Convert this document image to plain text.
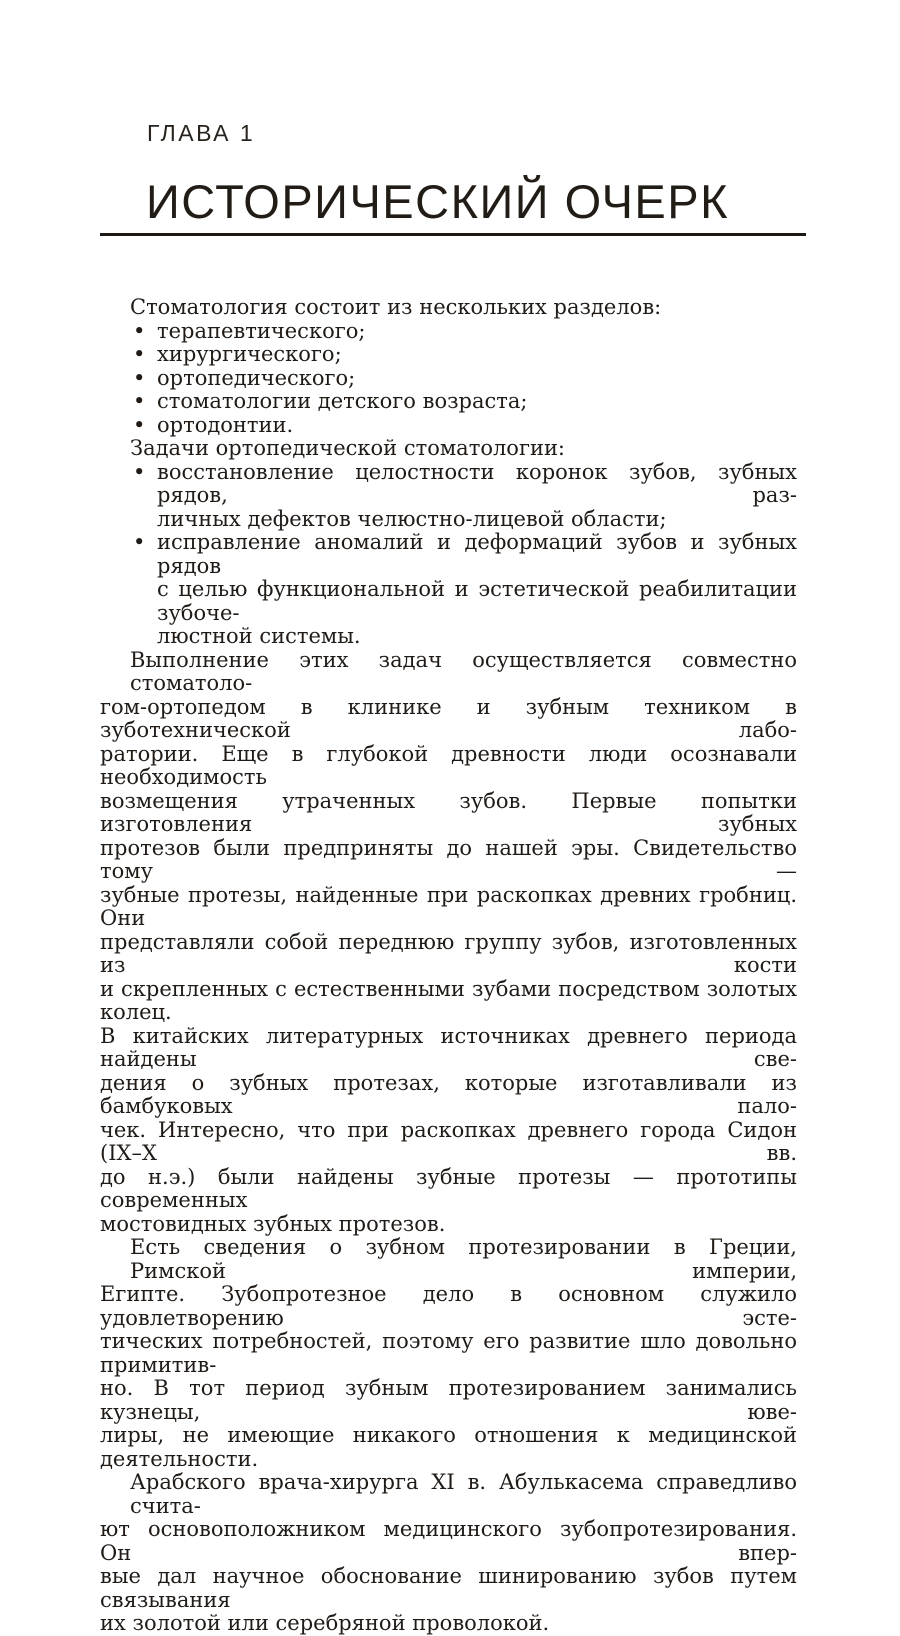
ГЛАВА 1
ИСТОРИЧЕСКИЙ ОЧЕРК

Стоматология состоит из нескольких разделов:

• терапевтического;
• хирургического;
• ортопедического;
• стоматологии детского возраста;
• ортодонтии.

Задачи ортопедической стоматологии:

• восстановление целостности коронок зубов, зубных рядов, раз-
личных дефектов челюстно-лицевой области;
• исправление аномалий и деформаций зубов и зубных рядов
с целью функциональной и эстетической реабилитации зубоче-
люстной системы.

Выполнение этих задач осуществляется совместно стоматоло-
гом-ортопедом в клинике и зубным техником в зуботехнической лабо-
ратории. Еще в глубокой древности люди осознавали необходимость
возмещения утраченных зубов. Первые попытки изготовления зубных
протезов были предприняты до нашей эры. Свидетельство тому —
зубные протезы, найденные при раскопках древних гробниц. Они
представляли собой переднюю группу зубов, изготовленных из кости
и скрепленных с естественными зубами посредством золотых колец.
В китайских литературных источниках древнего периода найдены све-
дения о зубных протезах, которые изготавливали из бамбуковых пало-
чек. Интересно, что при раскопках древнего города Сидон (IX–X вв.
до н.э.) были найдены зубные протезы — прототипы современных
мостовидных зубных протезов.

Есть сведения о зубном протезировании в Греции, Римской империи,
Египте. Зубопротезное дело в основном служило удовлетворению эсте-
тических потребностей, поэтому его развитие шло довольно примитив-
но. В тот период зубным протезированием занимались кузнецы, юве-
лиры, не имеющие никакого отношения к медицинской деятельности.

Арабского врача-хирурга XI в. Абулькасема справедливо счита-
ют основоположником медицинского зубопротезирования. Он впер-
вые дал научное обоснование шинированию зубов путем связывания
их золотой или серебряной проволокой.
